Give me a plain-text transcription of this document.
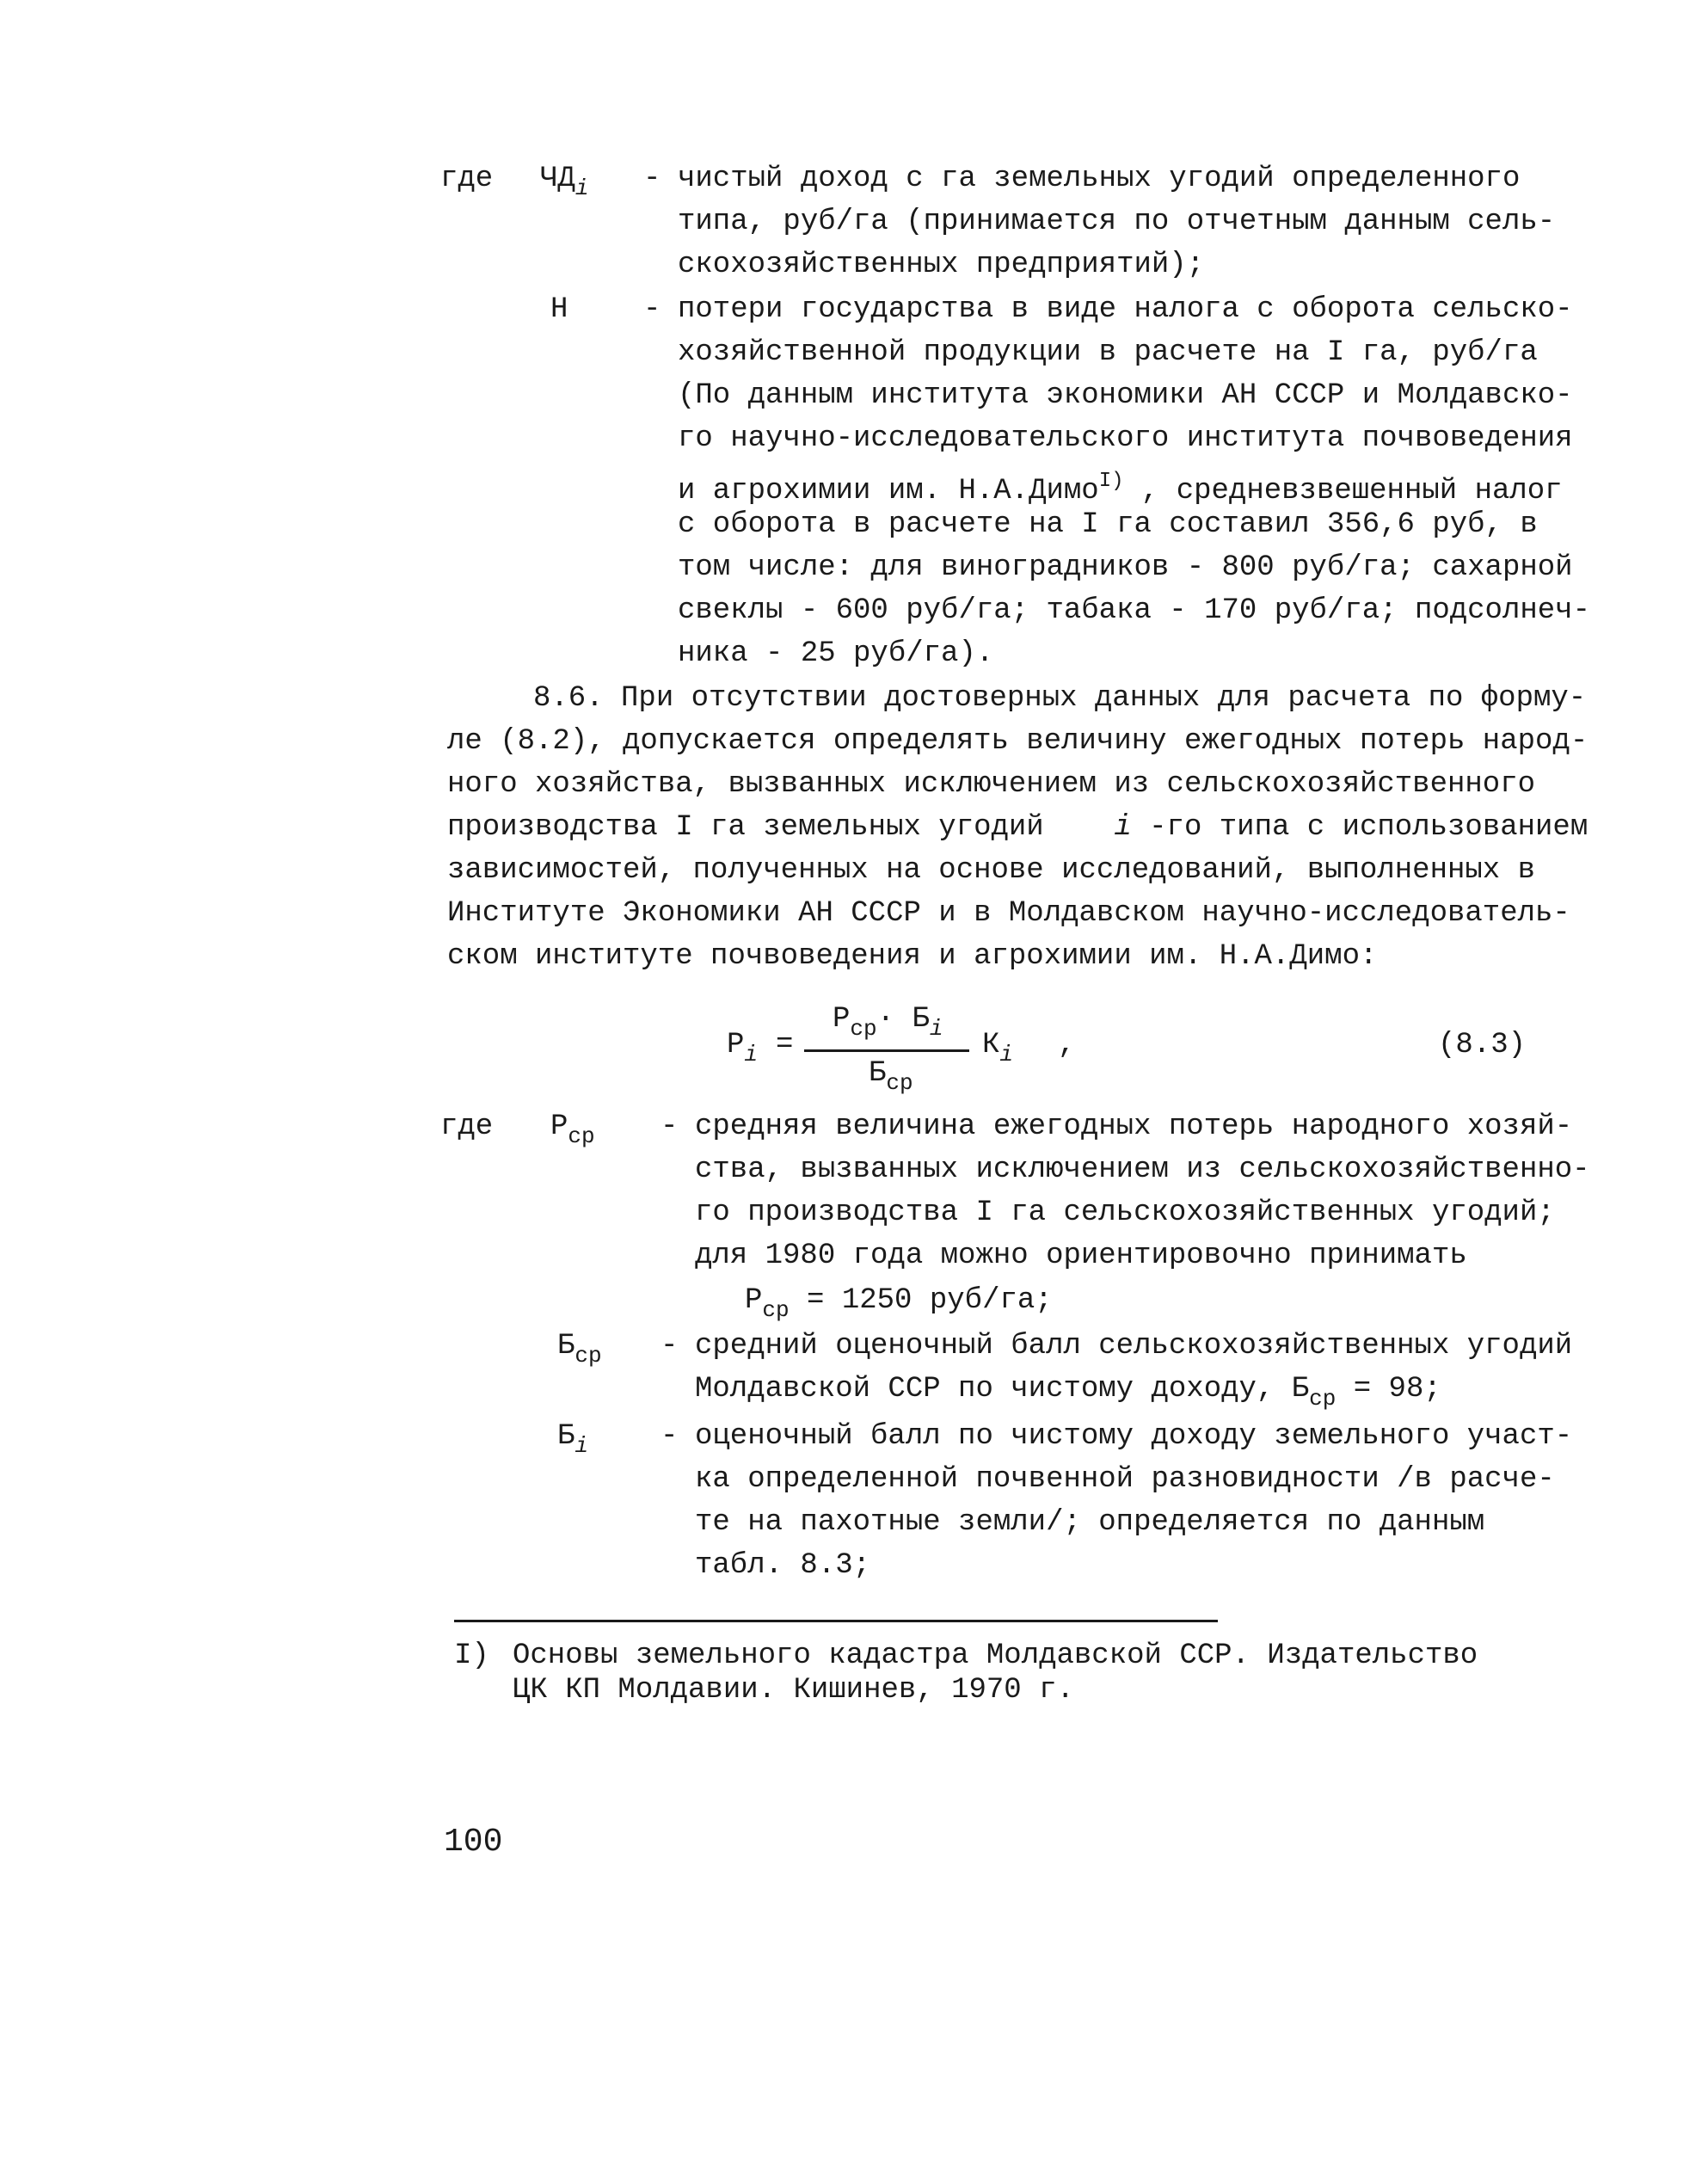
где $ЧД_i$ - чистый доход с га земельных угодий определенного
типа, руб/га (принимается по отчетным данным сель-
скохозяйственных предприятий);
Н	- потери государства в виде налога с оборота сельско-
хозяйственной продукции в расчете на I га, руб/га
(По данным института экономики АН СССР и Молдавско-
го научно-исследовательского института почвоведения
и агрохимии им. Н.А.Димо$^{I)}$ , средневзвешенный налог
с оборота в расчете на I га составил 356,6 руб, в
том числе: для виноградников - 800 руб/га; сахарной
свеклы - 600 руб/га; табака - 170 руб/га; подсолнеч-
ника - 25 руб/га).
8.6. При отсутствии достоверных данных для расчета по форму-
ле (8.2), допускается определять величину ежегодных потерь народ-
ного хозяйства, вызванных исключением из сельскохозяйственного
производства I га земельных угодий i -го типа с использованием
зависимостей, полученных на основе исследований, выполненных в
Институте Экономики АН СССР и в Молдавском научно-исследователь-
ском институте почвоведения и агрохимии им. Н.А.Димо:
$P_i$ =
$P_{ср}\cdot Б_i$
$Б_{ср}$
$К_i$ ,	(8.3)
где $P_{ср}$ - средняя величина ежегодных потерь народного хозяй-
ства, вызванных исключением из сельскохозяйственно-
го производства I га сельскохозяйственных угодий;
для 1980 года можно ориентировочно принимать
$P_{ср} = 1250$ руб/га;
$Б_{ср}$ - средний оценочный балл сельскохозяйственных угодий
Молдавской ССР по чистому доходу, $Б_{ср} = 98$;
$Б_i$ - оценочный балл по чистому доходу земельного участ-
ка определенной почвенной разновидности /в расче-
те на пахотные земли/; определяется по данным
табл. 8.3;
I) Основы земельного кадастра Молдавской ССР. Издательство
ЦК КП Молдавии. Кишинев, 1970 г.
100
